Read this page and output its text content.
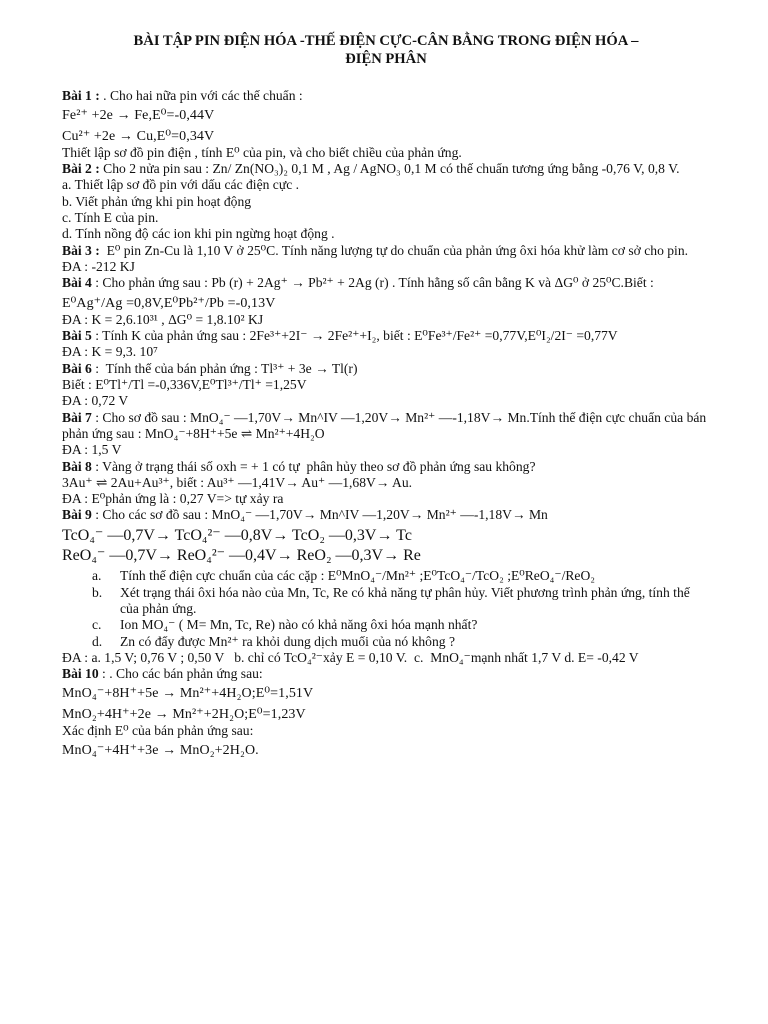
BÀI TẬP PIN ĐIỆN HÓA -THẾ ĐIỆN CỰC-CÂN BẰNG TRONG ĐIỆN HÓA –
ĐIỆN PHÂN
Bài 1 : . Cho hai nữa pin với các thế chuẩn :
Fe²⁺ +2e → Fe,E⁰=-0,44V
Cu²⁺ +2e → Cu,E⁰=0,34V
Thiết lập sơ đồ pin điện , tính E⁰ của pin, và cho biết chiều của phản ứng.
Bài 2 : Cho 2 nửa pin sau : Zn/ Zn(NO₃)₂ 0,1 M , Ag / AgNO₃ 0,1 M có thế chuẩn tương ứng bằng -0,76 V, 0,8 V.
a. Thiết lập sơ đồ pin với dấu các điện cực .
b. Viết phản ứng khi pin hoạt động
c. Tính E của pin.
d. Tính nồng độ các ion khi pin ngừng hoạt động .
Bài 3 :  E⁰ pin Zn-Cu là 1,10 V ở 25⁰C. Tính năng lượng tự do chuẩn của phản ứng ôxi hóa khử làm cơ sở cho pin.
ĐA : -212 KJ
Bài 4 : Cho phản ứng sau : Pb (r) + 2Ag⁺ → Pb²⁺ + 2Ag (r) . Tính hằng số cân bằng K và ΔG⁰ ở 25⁰C.Biết :
E⁰Ag⁺/Ag =0,8V,E⁰Pb²⁺/Pb =-0,13V
ĐA : K = 2,6.10³¹ , ΔG⁰ = 1,8.10² KJ
Bài 5 : Tính K của phản ứng sau : 2Fe³⁺+2I⁻ → 2Fe²⁺+I₂, biết : E⁰Fe³⁺/Fe²⁺ =0,77V,E⁰I₂/2I⁻ =0,77V
ĐA : K = 9,3. 10⁷
Bài 6 :  Tính thế của bán phản ứng : Tl³⁺ + 3e → Tl(r)
Biết : E⁰Tl⁺/Tl =-0,336V,E⁰Tl³⁺/Tl⁺ =1,25V
ĐA : 0,72 V
Bài 7 : Cho sơ đồ sau : MnO₄⁻ —1,70V→ Mn^IV —1,20V→ Mn²⁺ —-1,18V→ Mn.Tính thế điện cực chuẩn của bán phản ứng sau : MnO₄⁻+8H⁺+5e ⇌ Mn²⁺+4H₂O
ĐA : 1,5 V
Bài 8 : Vàng ở trạng thái số oxh = + 1 có tự  phân hủy theo sơ đồ phản ứng sau không?
3Au⁺ ⇌ 2Au+Au³⁺, biết : Au³⁺ —1,41V→ Au⁺ —1,68V→ Au.
ĐA : E⁰phản ứng là : 0,27 V=> tự xảy ra
Bài 9 : Cho các sơ đồ sau : MnO₄⁻ —1,70V→ Mn^IV —1,20V→ Mn²⁺ —-1,18V→ Mn
TcO₄⁻ —0,7V→ TcO₄²⁻ —0,8V→ TcO₂ —0,3V→ Tc
ReO₄⁻ —0,7V→ ReO₄²⁻ —0,4V→ ReO₂ —0,3V→ Re
a.	Tính thế điện cực chuẩn của các cặp : E⁰MnO₄⁻/Mn²⁺ ;E⁰TcO₄⁻/TcO₂ ;E⁰ReO₄⁻/ReO₂
b.	Xét trạng thái ôxi hóa nào của Mn, Tc, Re có khả năng tự phân hủy. Viết phương trình phản ứng, tính thế của phản ứng.
c.	Ion MO₄⁻ ( M= Mn, Tc, Re) nào có khả năng ôxi hóa mạnh nhất?
d.	Zn có đẩy được Mn²⁺ ra khỏi dung dịch muối của nó không ?
ĐA : a. 1,5 V; 0,76 V ; 0,50 V   b. chỉ có TcO₄²⁻xảy E = 0,10 V.  c.  MnO₄⁻mạnh nhất 1,7 V d. E= -0,42 V
Bài 10 : . Cho các bán phản ứng sau:
MnO₄⁻+8H⁺+5e → Mn²⁺+4H₂O;E⁰=1,51V
MnO₂+4H⁺+2e → Mn²⁺+2H₂O;E⁰=1,23V
Xác định E⁰ của bán phản ứng sau:
MnO₄⁻+4H⁺+3e → MnO₂+2H₂O.
